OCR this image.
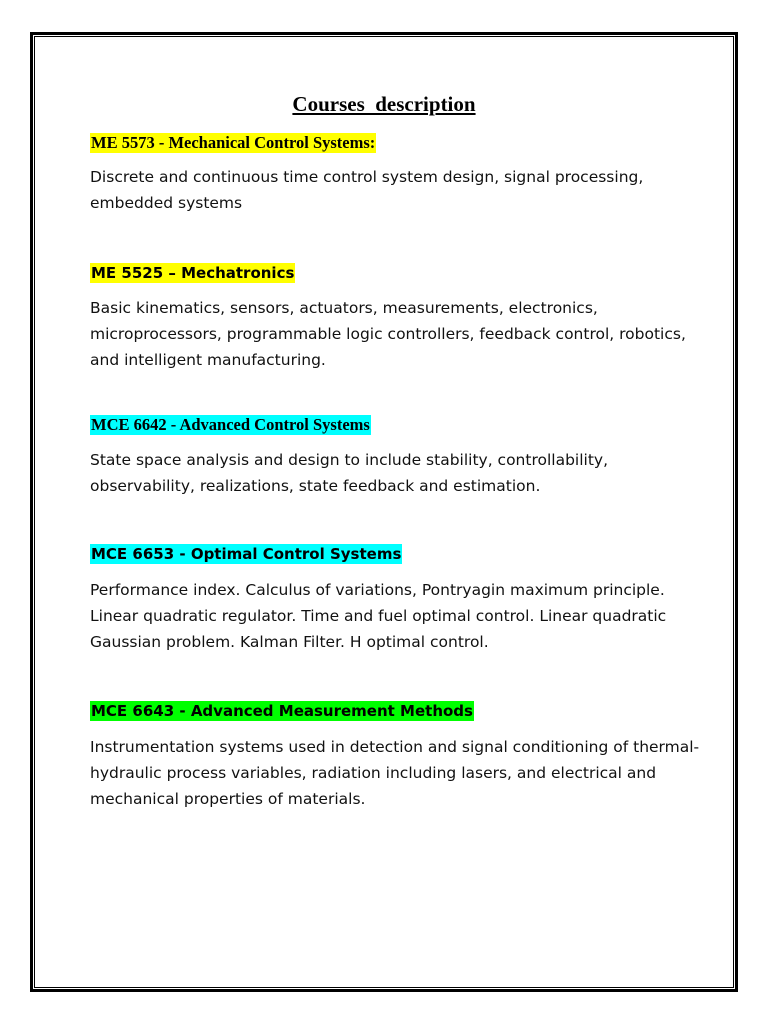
Courses  description
ME 5573 - Mechanical Control Systems:
Discrete and continuous time control system design, signal processing,
embedded systems
ME 5525 – Mechatronics
Basic kinematics, sensors, actuators, measurements, electronics,
microprocessors, programmable logic controllers, feedback control, robotics,
and intelligent manufacturing.
MCE 6642 - Advanced Control Systems
State space analysis and design to include stability, controllability,
observability, realizations, state feedback and estimation.
MCE 6653 - Optimal Control Systems
Performance index. Calculus of variations, Pontryagin maximum principle.
Linear quadratic regulator. Time and fuel optimal control. Linear quadratic
Gaussian problem. Kalman Filter. H optimal control.
MCE 6643 - Advanced Measurement Methods
Instrumentation systems used in detection and signal conditioning of thermal-
hydraulic process variables, radiation including lasers, and electrical and
mechanical properties of materials.
